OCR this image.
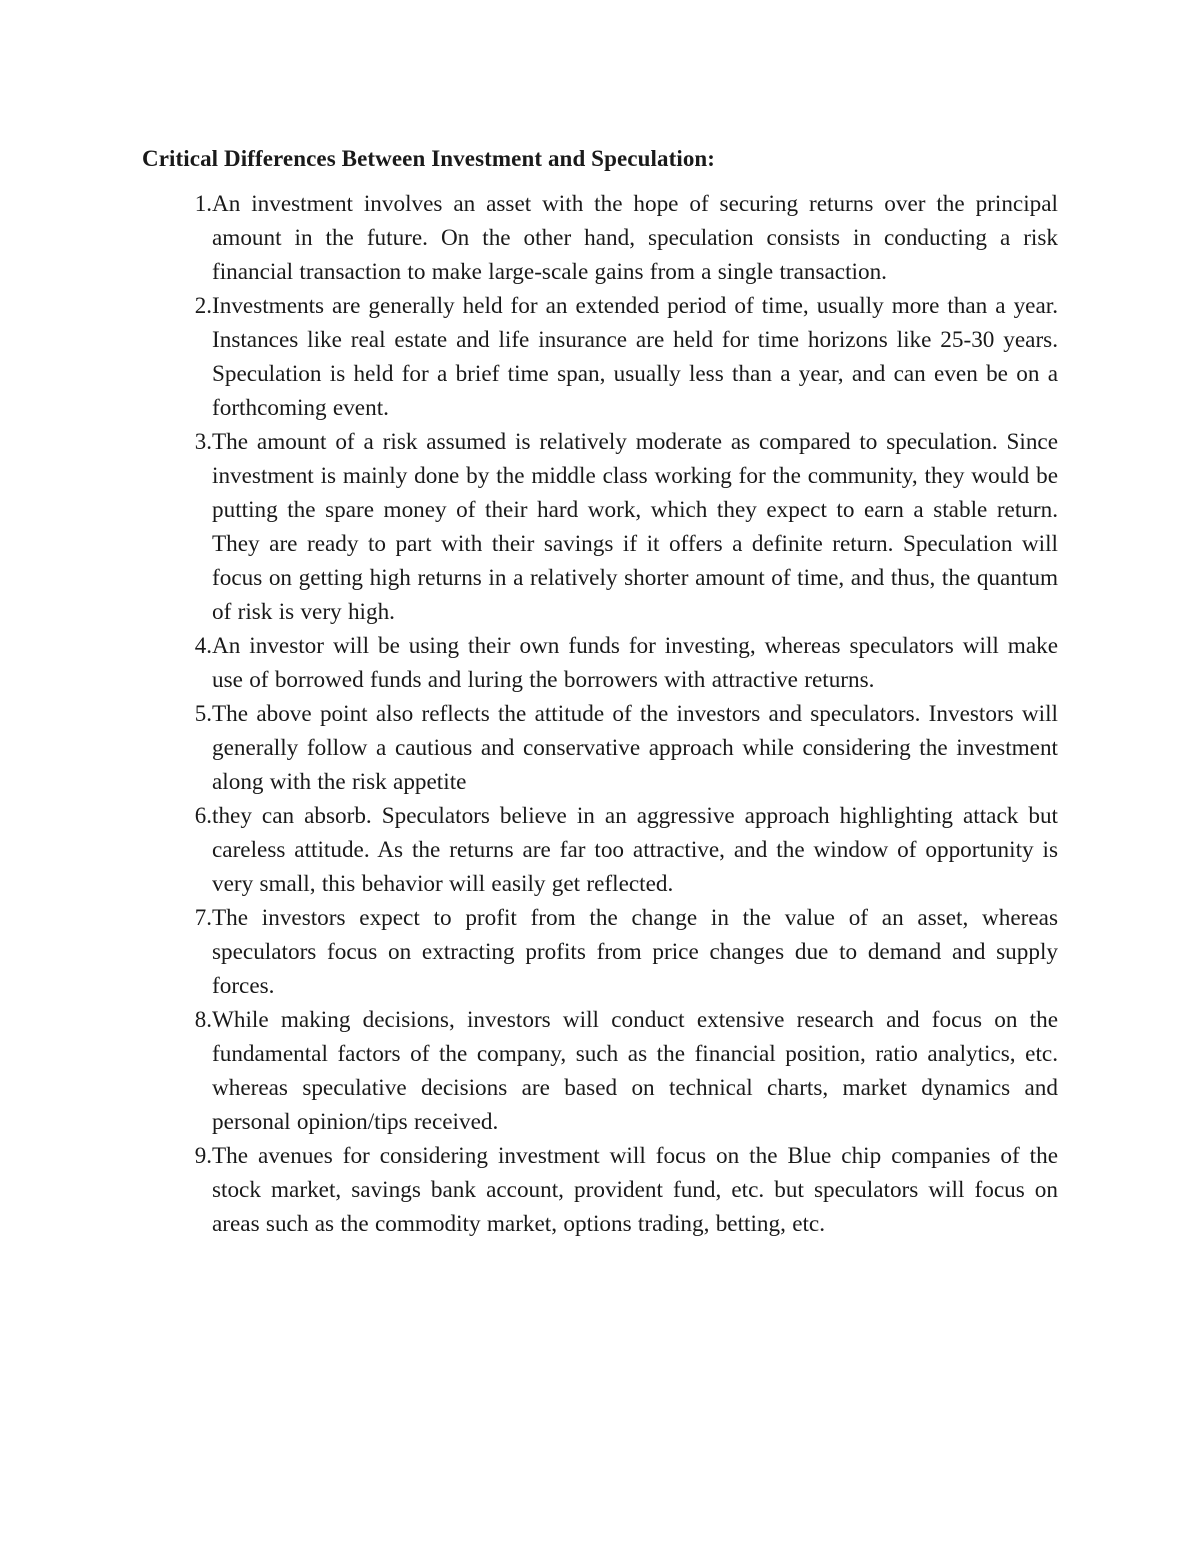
Critical Differences Between Investment and Speculation:
1. An investment involves an asset with the hope of securing returns over the principal amount in the future. On the other hand, speculation consists in conducting a risk financial transaction to make large-scale gains from a single transaction.
2. Investments are generally held for an extended period of time, usually more than a year. Instances like real estate and life insurance are held for time horizons like 25-30 years. Speculation is held for a brief time span, usually less than a year, and can even be on a forthcoming event.
3. The amount of a risk assumed is relatively moderate as compared to speculation. Since investment is mainly done by the middle class working for the community, they would be putting the spare money of their hard work, which they expect to earn a stable return. They are ready to part with their savings if it offers a definite return. Speculation will focus on getting high returns in a relatively shorter amount of time, and thus, the quantum of risk is very high.
4. An investor will be using their own funds for investing, whereas speculators will make use of borrowed funds and luring the borrowers with attractive returns.
5. The above point also reflects the attitude of the investors and speculators. Investors will generally follow a cautious and conservative approach while considering the investment along with the risk appetite
6. they can absorb. Speculators believe in an aggressive approach highlighting attack but careless attitude. As the returns are far too attractive, and the window of opportunity is very small, this behavior will easily get reflected.
7. The investors expect to profit from the change in the value of an asset, whereas speculators focus on extracting profits from price changes due to demand and supply forces.
8. While making decisions, investors will conduct extensive research and focus on the fundamental factors of the company, such as the financial position, ratio analytics, etc. whereas speculative decisions are based on technical charts, market dynamics and personal opinion/tips received.
9. The avenues for considering investment will focus on the Blue chip companies of the stock market, savings bank account, provident fund, etc. but speculators will focus on areas such as the commodity market, options trading, betting, etc.
